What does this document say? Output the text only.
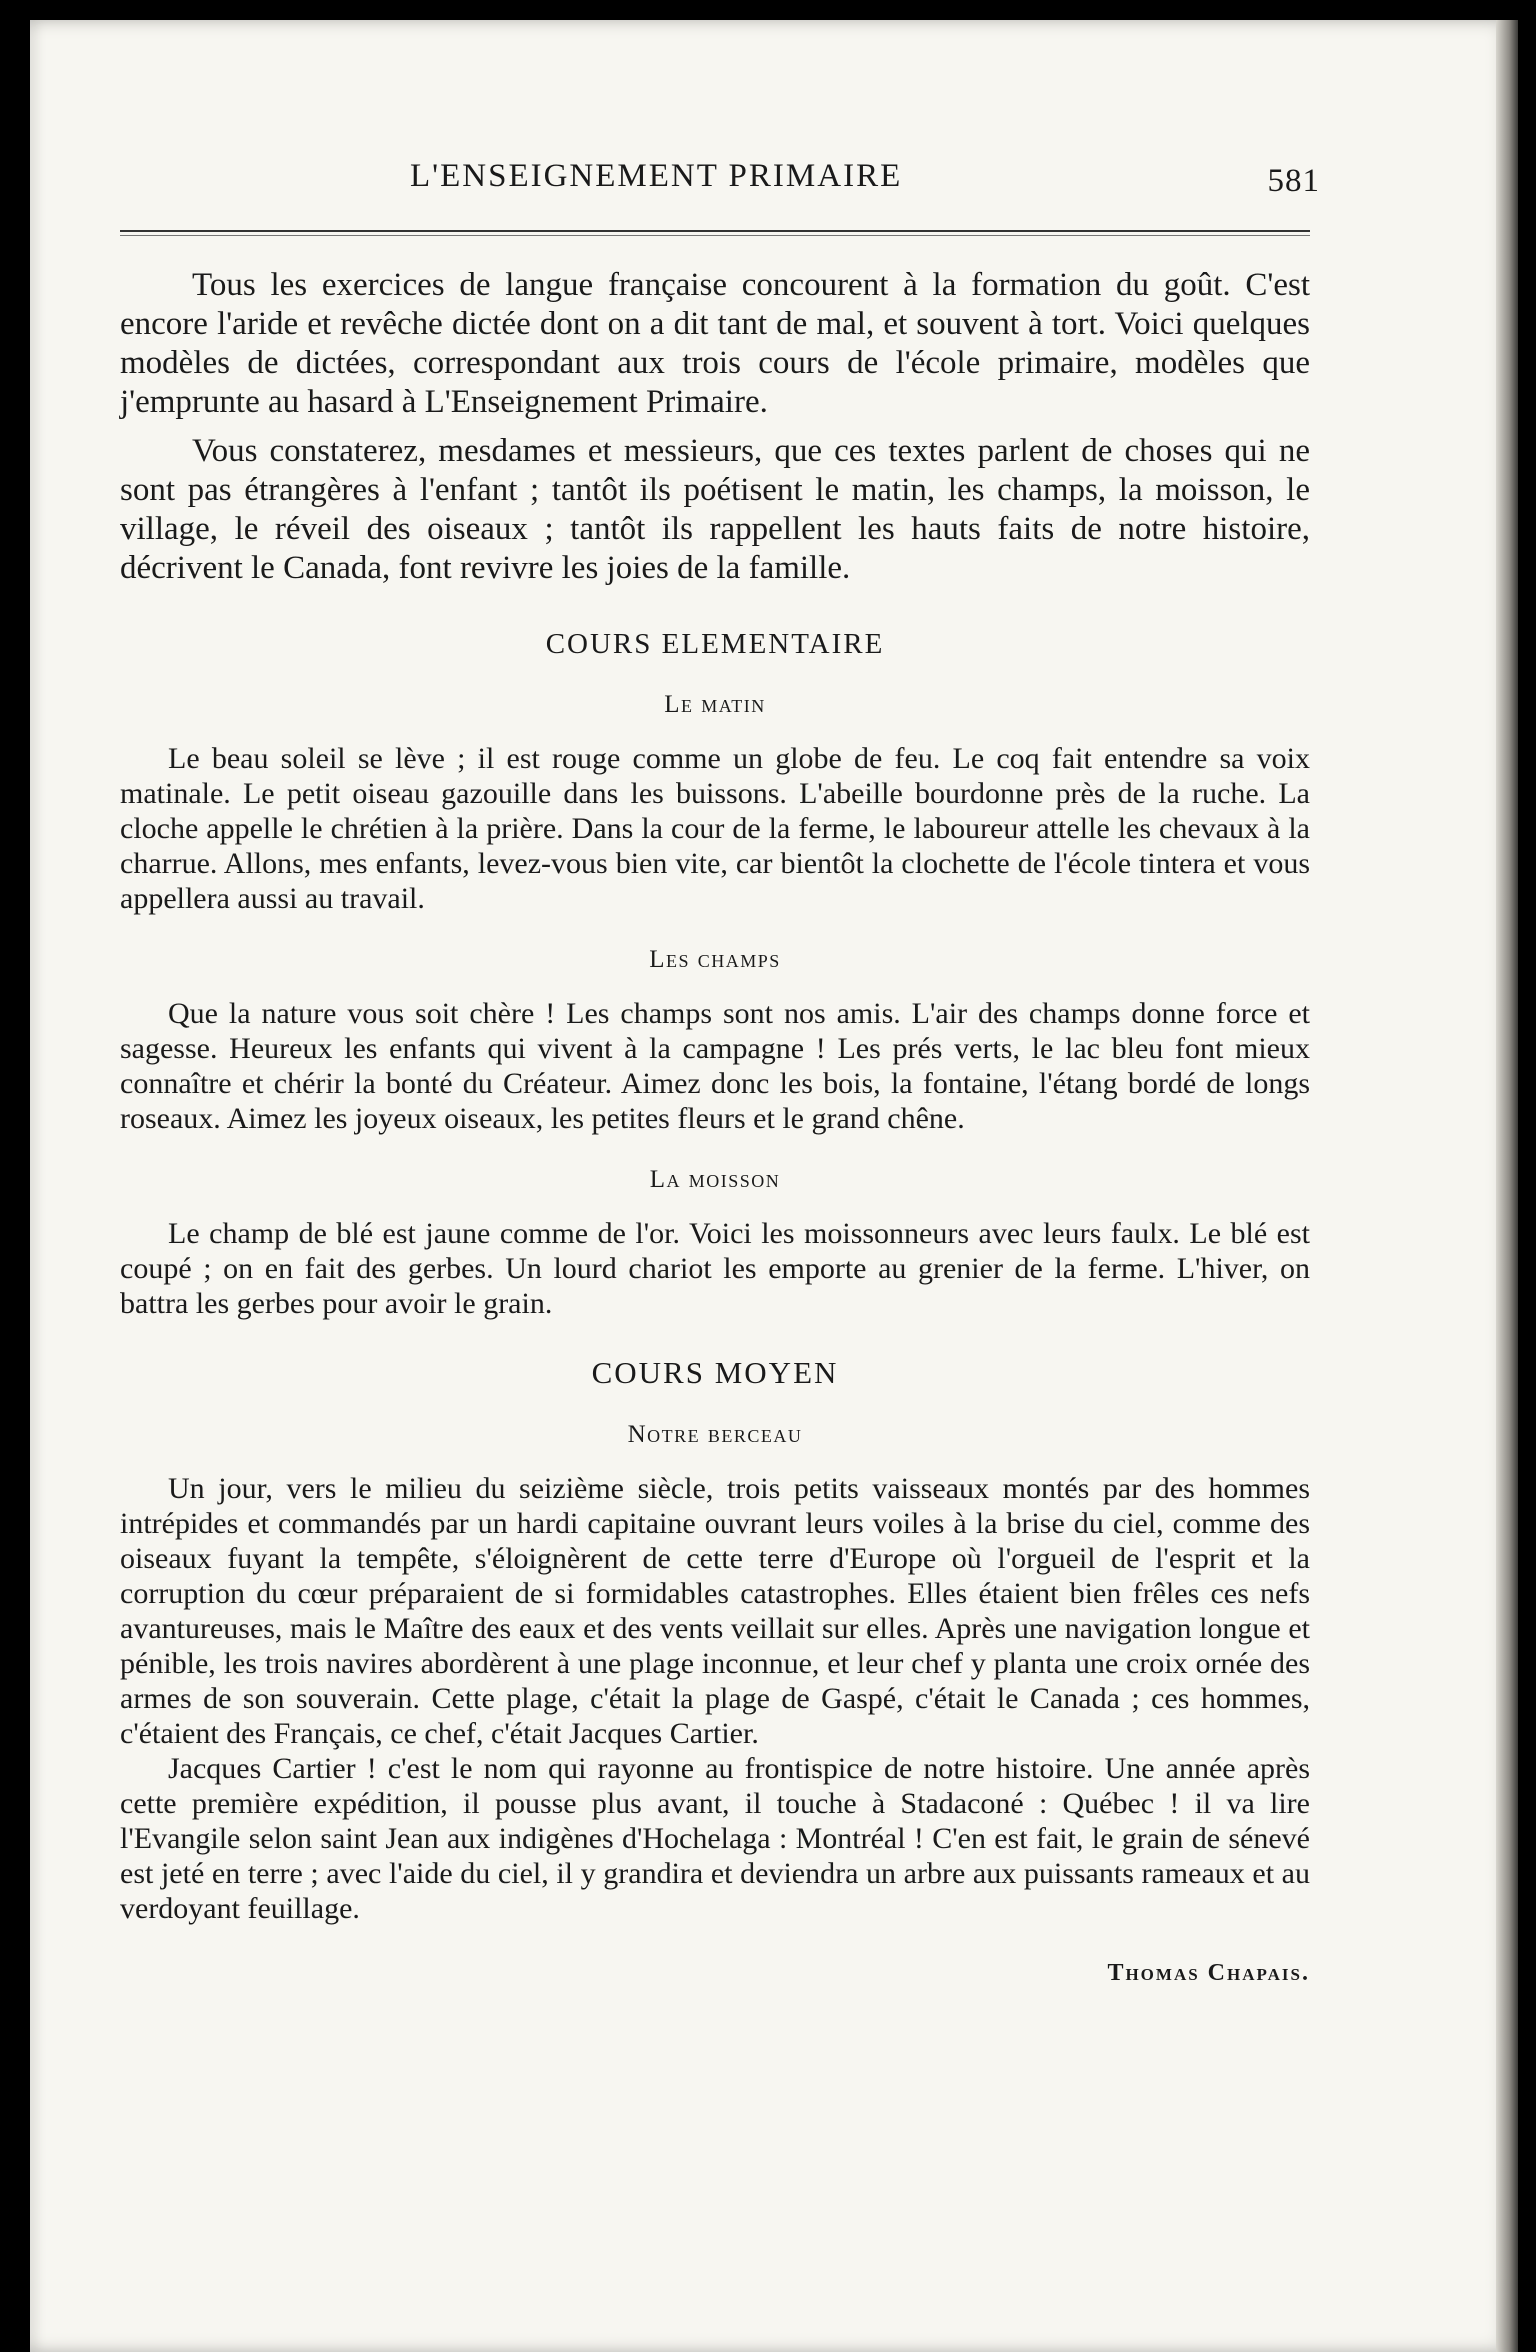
L'ENSEIGNEMENT PRIMAIRE	581

Tous les exercices de langue française concourent à la formation du goût. C'est encore l'aride et revêche dictée dont on a dit tant de mal, et souvent à tort. Voici quelques modèles de dictées, correspondant aux trois cours de l'école primaire, modèles que j'emprunte au hasard à L'Enseignement Primaire.

Vous constaterez, mesdames et messieurs, que ces textes parlent de choses qui ne sont pas étrangères à l'enfant ; tantôt ils poétisent le matin, les champs, la moisson, le village, le réveil des oiseaux ; tantôt ils rappellent les hauts faits de notre histoire, décrivent le Canada, font revivre les joies de la famille.

COURS ELEMENTAIRE
Le matin

Le beau soleil se lève ; il est rouge comme un globe de feu. Le coq fait entendre sa voix matinale. Le petit oiseau gazouille dans les buissons. L'abeille bourdonne près de la ruche. La cloche appelle le chrétien à la prière. Dans la cour de la ferme, le laboureur attelle les chevaux à la charrue. Allons, mes enfants, levez-vous bien vite, car bientôt la clochette de l'école tintera et vous appellera aussi au travail.

Les champs

Que la nature vous soit chère ! Les champs sont nos amis. L'air des champs donne force et sagesse. Heureux les enfants qui vivent à la campagne ! Les prés verts, le lac bleu font mieux connaître et chérir la bonté du Créateur. Aimez donc les bois, la fontaine, l'étang bordé de longs roseaux. Aimez les joyeux oiseaux, les petites fleurs et le grand chêne.

La moisson

Le champ de blé est jaune comme de l'or. Voici les moissonneurs avec leurs faulx. Le blé est coupé ; on en fait des gerbes. Un lourd chariot les emporte au grenier de la ferme. L'hiver, on battra les gerbes pour avoir le grain.

COURS MOYEN
Notre berceau

Un jour, vers le milieu du seizième siècle, trois petits vaisseaux montés par des hommes intrépides et commandés par un hardi capitaine ouvrant leurs voiles à la brise du ciel, comme des oiseaux fuyant la tempête, s'éloignèrent de cette terre d'Europe où l'orgueil de l'esprit et la corruption du cœur préparaient de si formidables catastrophes. Elles étaient bien frêles ces nefs avantureuses, mais le Maître des eaux et des vents veillait sur elles. Après une navigation longue et pénible, les trois navires abordèrent à une plage inconnue, et leur chef y planta une croix ornée des armes de son souverain. Cette plage, c'était la plage de Gaspé, c'était le Canada ; ces hommes, c'étaient des Français, ce chef, c'était Jacques Cartier.

Jacques Cartier ! c'est le nom qui rayonne au frontispice de notre histoire. Une année après cette première expédition, il pousse plus avant, il touche à Stadaconé : Québec ! il va lire l'Evangile selon saint Jean aux indigènes d'Hochelaga : Montréal ! C'en est fait, le grain de sénevé est jeté en terre ; avec l'aide du ciel, il y grandira et deviendra un arbre aux puissants rameaux et au verdoyant feuillage.

Thomas Chapais.
